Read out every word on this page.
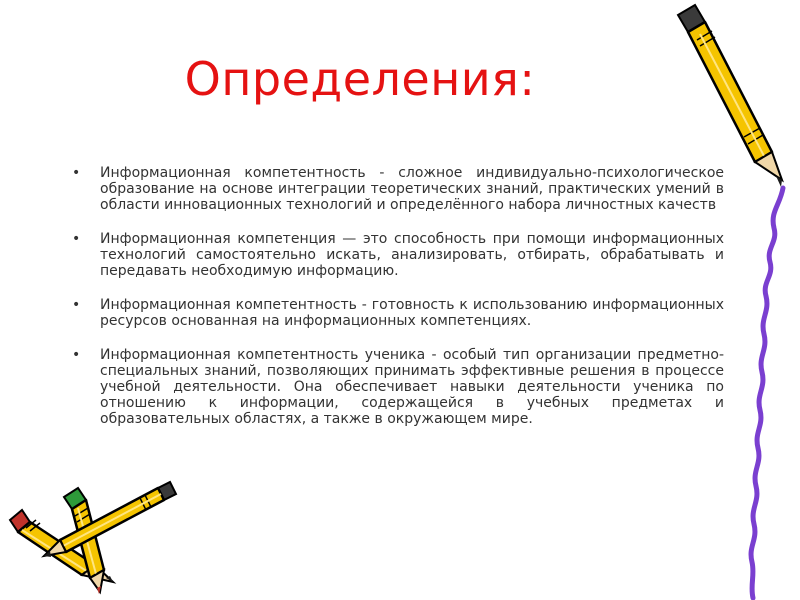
Определения:
• Информационная компетентность - сложное индивидуально-психологическое образование на основе интеграции теоретических знаний, практических умений в области инновационных технологий и определённого набора личностных качеств
• Информационная компетенция — это способность при помощи информационных технологий самостоятельно искать, анализировать, отбирать, обрабатывать и передавать необходимую информацию.
• Информационная компетентность - готовность к использованию информационных ресурсов основанная на информационных компетенциях.
• Информационная компетентность ученика - особый тип организации предметно-специальных знаний, позволяющих принимать эффективные решения в процессе учебной деятельности. Она обеспечивает навыки деятельности ученика по отношению к информации, содержащейся в учебных предметах и образовательных областях, а также в окружающем мире.
